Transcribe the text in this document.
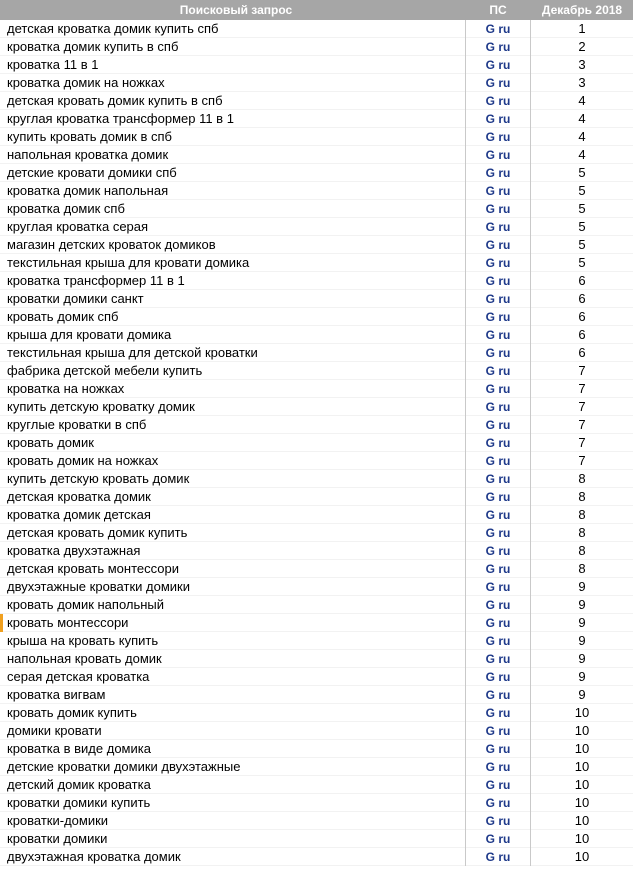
Поисковый запрос	ПС	Декабрь 2018
детская кроватка домик купить спб	G ru	1
кроватка домик купить в спб	G ru	2
кроватка 11 в 1	G ru	3
кроватка домик на ножках	G ru	3
детская кровать домик купить в спб	G ru	4
круглая кроватка трансформер 11 в 1	G ru	4
купить кровать домик в спб	G ru	4
напольная кроватка домик	G ru	4
детские кровати домики спб	G ru	5
кроватка домик напольная	G ru	5
кроватка домик спб	G ru	5
круглая кроватка серая	G ru	5
магазин детских кроваток домиков	G ru	5
текстильная крыша для кровати домика	G ru	5
кроватка трансформер 11 в 1	G ru	6
кроватки домики санкт	G ru	6
кровать домик спб	G ru	6
крыша для кровати домика	G ru	6
текстильная крыша для детской кроватки	G ru	6
фабрика детской мебели купить	G ru	7
кроватка на ножках	G ru	7
купить детскую кроватку домик	G ru	7
круглые кроватки в спб	G ru	7
кровать домик	G ru	7
кровать домик на ножках	G ru	7
купить детскую кровать домик	G ru	8
детская кроватка домик	G ru	8
кроватка домик детская	G ru	8
детская кровать домик купить	G ru	8
кроватка двухэтажная	G ru	8
детская кровать монтессори	G ru	8
двухэтажные кроватки домики	G ru	9
кровать домик напольный	G ru	9
кровать монтессори	G ru	9
крыша на кровать купить	G ru	9
напольная кровать домик	G ru	9
серая детская кроватка	G ru	9
кроватка вигвам	G ru	9
кровать домик купить	G ru	10
домики кровати	G ru	10
кроватка в виде домика	G ru	10
детские кроватки домики двухэтажные	G ru	10
детский домик кроватка	G ru	10
кроватки домики купить	G ru	10
кроватки-домики	G ru	10
кроватки домики	G ru	10
двухэтажная кроватка домик	G ru	10
